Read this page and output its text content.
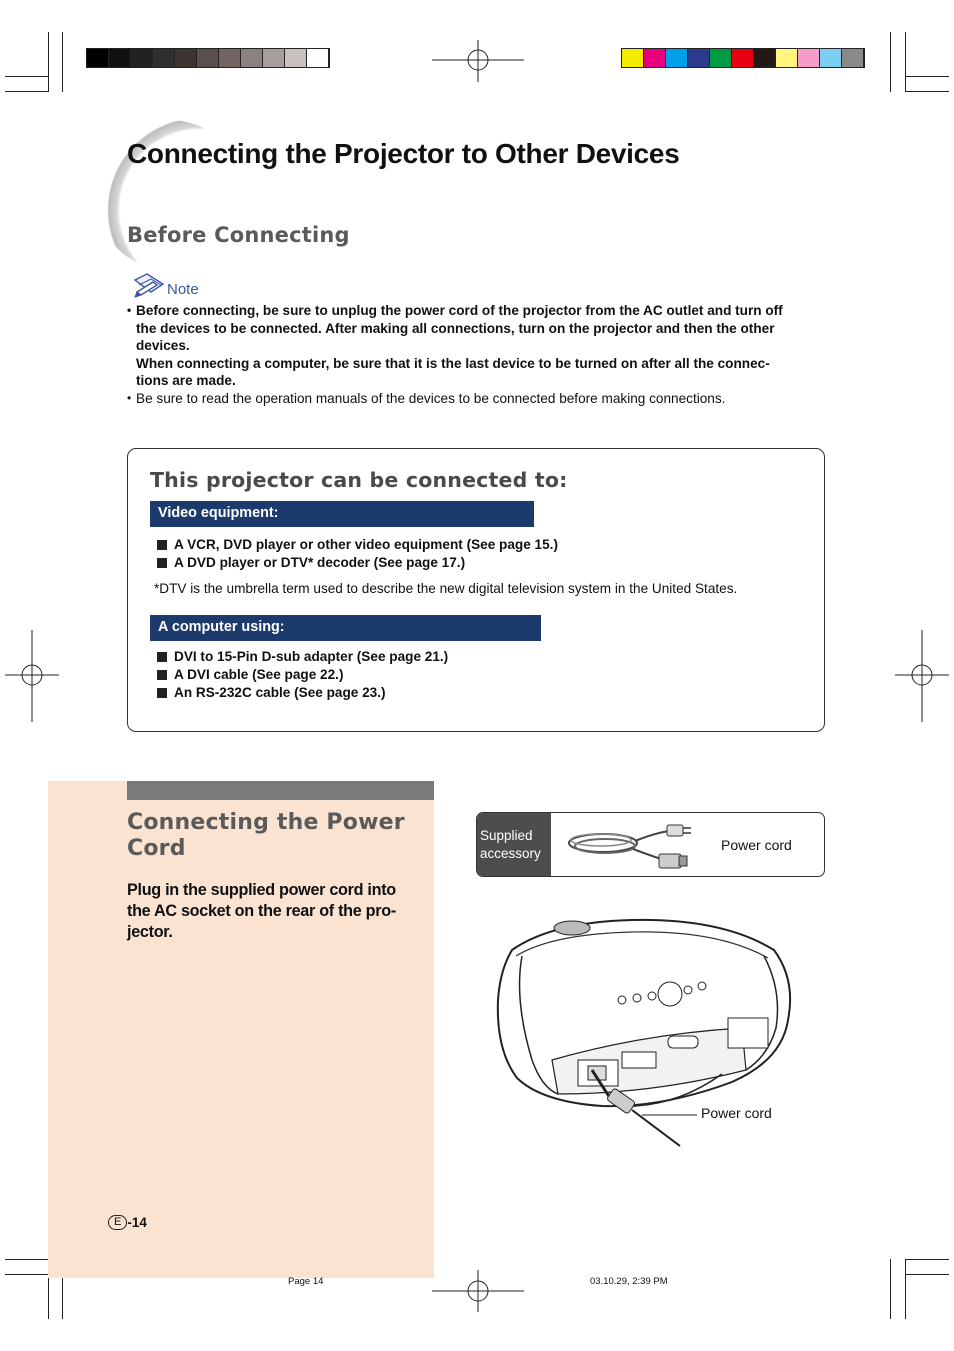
Connecting the Projector to Other Devices
Before Connecting
Note
• Before connecting, be sure to unplug the power cord of the projector from the AC outlet and turn off
the devices to be connected. After making all connections, turn on the projector and then the other
devices.
When connecting a computer, be sure that it is the last device to be turned on after all the connec-
tions are made.
• Be sure to read the operation manuals of the devices to be connected before making connections.
This projector can be connected to:
Video equipment:
A VCR, DVD player or other video equipment (See page 15.)
A DVD player or DTV* decoder (See page 17.)
*DTV is the umbrella term used to describe the new digital television system in the United States.
A computer using:
DVI to 15-Pin D-sub adapter (See page 21.)
A DVI cable (See page 22.)
An RS-232C cable (See page 23.)
Connecting the Power
Cord
Plug in the supplied power cord into
the AC socket on the rear of the pro-
jector.
Supplied
accessory
Power cord
Power cord
E -14
Page 14	03.10.29, 2:39 PM
